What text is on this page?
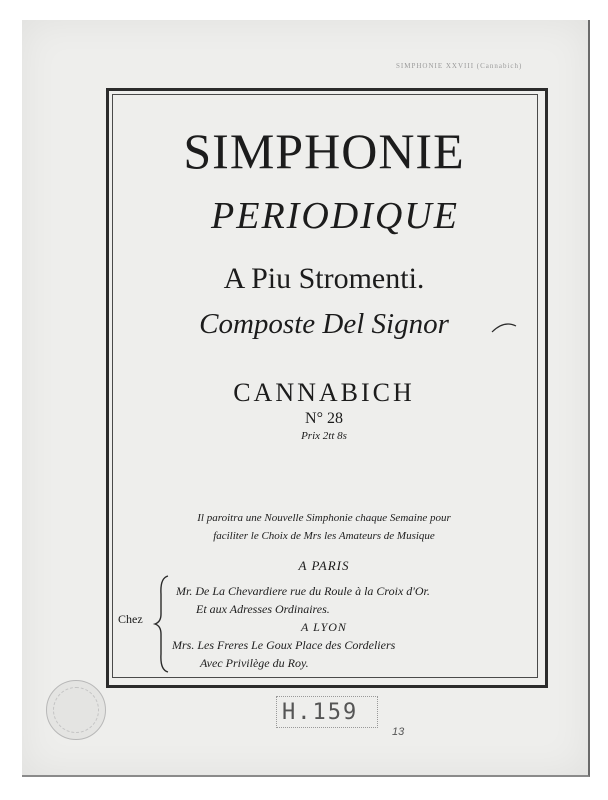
SIMPHONIE XXVIII (Cannabich)
SIMPHONIE
PERIODIQUE
A Piu Stromenti.
Composte Del Signor
CANNABICH
N° 28
Prix 2tt 8s
Il paroitra une Nouvelle Simphonie chaque Semaine pour
faciliter le Choix de Mrs les Amateurs de Musique
A PARIS
Chez
Mr. De La Chevardiere rue du Roule à la Croix d'Or.
Et aux Adresses Ordinaires.
A LYON
Mrs. Les Freres Le Goux Place des Cordeliers
Avec Privilège du Roy.
H.159
13
